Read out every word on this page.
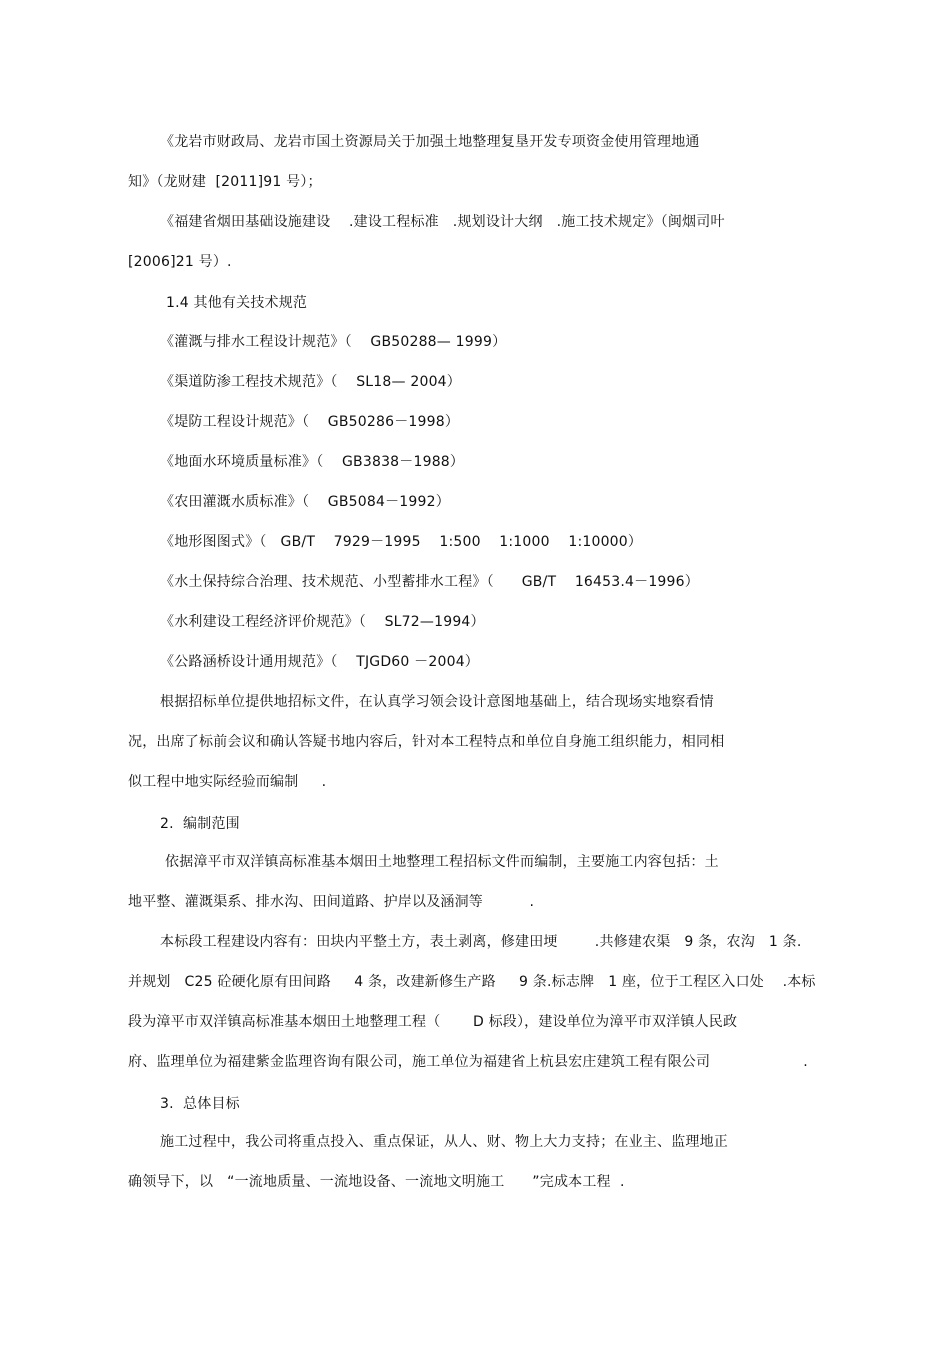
《龙岩市财政局、龙岩市国土资源局关于加强土地整理复垦开发专项资金使用管理地通
知》（龙财建  [2011]91 号）；
《福建省烟田基础设施建设    .建设工程标准   .规划设计大纲   .施工技术规定》（闽烟司叶
[2006]21 号）.
1.4 其他有关技术规范
《灌溉与排水工程设计规范》（    GB50288— 1999）
《渠道防渗工程技术规范》（    SL18— 2004）
《堤防工程设计规范》（    GB50286－1998）
《地面水环境质量标准》（    GB3838－1988）
《农田灌溉水质标准》（    GB5084－1992）
《地形图图式》（   GB/T    7929－1995    1:500    1:1000    1:10000）
《水土保持综合治理、技术规范、小型蓄排水工程》（      GB/T    16453.4－1996）
《水利建设工程经济评价规范》（    SL72—1994）
《公路涵桥设计通用规范》（    TJGD60 －2004）
根据招标单位提供地招标文件，在认真学习领会设计意图地基础上，结合现场实地察看情
况，出席了标前会议和确认答疑书地内容后，针对本工程特点和单位自身施工组织能力，相同相
似工程中地实际经验而编制     .
2.  编制范围
依据漳平市双洋镇高标准基本烟田土地整理工程招标文件而编制，主要施工内容包括：土
地平整、灌溉渠系、排水沟、田间道路、护岸以及涵洞等          .
本标段工程建设内容有：田块内平整土方，表土剥离，修建田埂        .共修建农渠   9 条，农沟   1 条.
并规划   C25 砼硬化原有田间路     4 条，改建新修生产路     9 条.标志牌   1 座，位于工程区入口处    .本标
段为漳平市双洋镇高标准基本烟田土地整理工程（       D 标段），建设单位为漳平市双洋镇人民政
府、监理单位为福建紫金监理咨询有限公司，施工单位为福建省上杭县宏庄建筑工程有限公司                    .
3.  总体目标
施工过程中，我公司将重点投入、重点保证，从人、财、物上大力支持；在业主、监理地正
确领导下，以   “一流地质量、一流地设备、一流地文明施工      ”完成本工程  .
